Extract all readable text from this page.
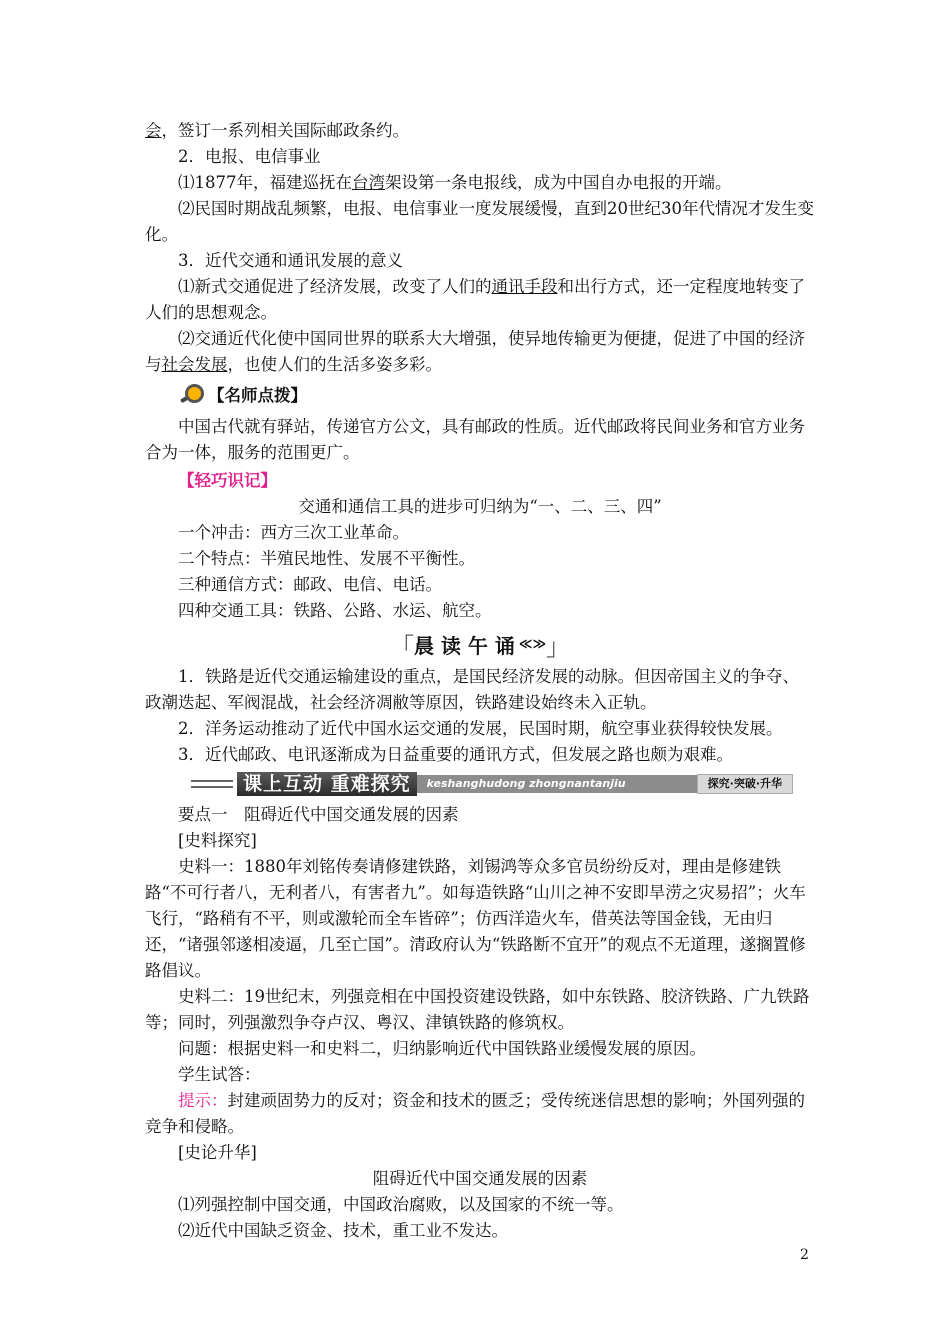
会，签订一系列相关国际邮政条约。

2．电报、电信事业

⑴1877年，福建巡抚在台湾架设第一条电报线，成为中国自办电报的开端。

⑵民国时期战乱频繁，电报、电信事业一度发展缓慢，直到20世纪30年代情况才发生变化。

3．近代交通和通讯发展的意义

⑴新式交通促进了经济发展，改变了人们的通讯手段和出行方式，还一定程度地转变了人们的思想观念。

⑵交通近代化使中国同世界的联系大大增强，使异地传输更为便捷，促进了中国的经济与社会发展，也使人们的生活多姿多彩。

【名师点拨】

中国古代就有驿站，传递官方公文，具有邮政的性质。近代邮政将民间业务和官方业务合为一体，服务的范围更广。

【轻巧识记】

交通和通信工具的进步可归纳为“一、二、三、四”

一个冲击：西方三次工业革命。

二个特点：半殖民地性、发展不平衡性。

三种通信方式：邮政、电信、电话。

四种交通工具：铁路、公路、水运、航空。

「 晨 读 午 诵 ≪≫ 」

1．铁路是近代交通运输建设的重点，是国民经济发展的动脉。但因帝国主义的争夺、政潮迭起、军阀混战，社会经济凋敝等原因，铁路建设始终未入正轨。

2．洋务运动推动了近代中国水运交通的发展，民国时期，航空事业获得较快发展。

3．近代邮政、电讯逐渐成为日益重要的通讯方式，但发展之路也颇为艰难。

课上互动 重难探究	keshanghudong zhongnantanjiu	探究·突破·升华

要点一　阻碍近代中国交通发展的因素

[史料探究]

史料一：1880年刘铭传奏请修建铁路，刘锡鸿等众多官员纷纷反对，理由是修建铁路“不可行者八，无利者八，有害者九”。如每造铁路“山川之神不安即旱涝之灾易招”；火车飞行，“路稍有不平，则或激轮而全车皆碎”；仿西洋造火车，借英法等国金钱，无由归还，“诸强邻遂相凌逼，几至亡国”。清政府认为“铁路断不宜开”的观点不无道理，遂搁置修路倡议。

史料二：19世纪末，列强竞相在中国投资建设铁路，如中东铁路、胶济铁路、广九铁路等；同时，列强激烈争夺卢汉、粤汉、津镇铁路的修筑权。

问题：根据史料一和史料二，归纳影响近代中国铁路业缓慢发展的原因。

学生试答：

提示：封建顽固势力的反对；资金和技术的匮乏；受传统迷信思想的影响；外国列强的竞争和侵略。

[史论升华]

阻碍近代中国交通发展的因素

⑴列强控制中国交通，中国政治腐败，以及国家的不统一等。

⑵近代中国缺乏资金、技术，重工业不发达。

2
